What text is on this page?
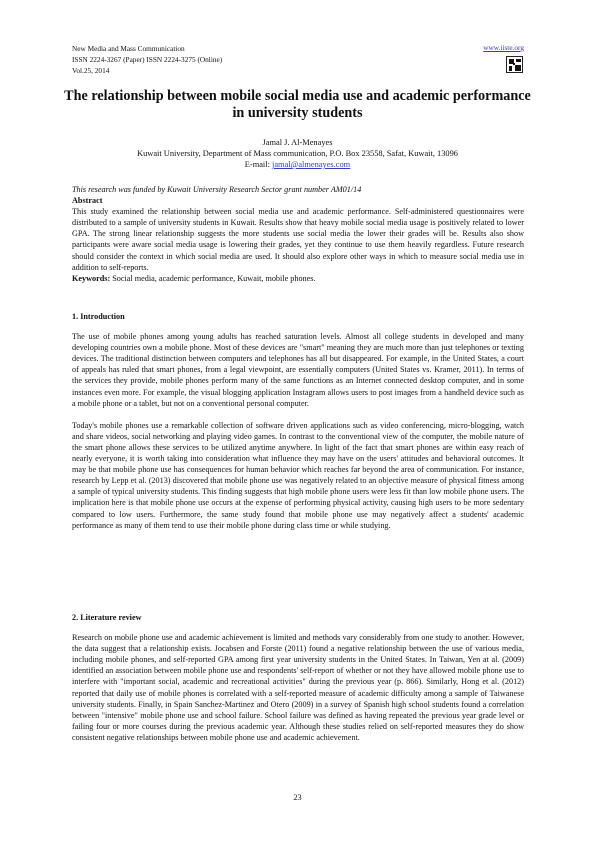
New Media and Mass Communication
ISSN 2224-3267 (Paper) ISSN 2224-3275 (Online)
Vol.25, 2014
www.iiste.org
The relationship between mobile social media use and academic performance in university students
Jamal J. Al-Menayes
Kuwait University, Department of Mass communication, P.O. Box 23558, Safat, Kuwait, 13096
E-mail: jamal@almenayes.com

This research was funded by Kuwait University Research Sector grant number AM01/14

Abstract

This study examined the relationship between social media use and academic performance. Self-administered questionnaires were distributed to a sample of university students in Kuwait. Results show that heavy mobile social media usage is positively related to lower GPA. The strong linear relationship suggests the more students use social media the lower their grades will be. Results also show participants were aware social media usage is lowering their grades, yet they continue to use them heavily regardless. Future research should consider the context in which social media are used. It should also explore other ways in which to measure social media use in addition to self-reports.

Keywords: Social media, academic performance, Kuwait, mobile phones.

1. Introduction

The use of mobile phones among young adults has reached saturation levels. Almost all college students in developed and many developing countries own a mobile phone. Most of these devices are "smart" meaning they are much more than just telephones or texting devices. The traditional distinction between computers and telephones has all but disappeared. For example, in the United States, a court of appeals has ruled that smart phones, from a legal viewpoint, are essentially computers (United States vs. Kramer, 2011). In terms of the services they provide, mobile phones perform many of the same functions as an Internet connected desktop computer, and in some instances even more. For example, the visual blogging application Instagram allows users to post images from a handheld device such as a mobile phone or a tablet, but not on a conventional personal computer.

Today's mobile phones use a remarkable collection of software driven applications such as video conferencing, micro-blogging, watch and share videos, social networking and playing video games. In contrast to the conventional view of the computer, the mobile nature of the smart phone allows these services to be utilized anytime anywhere. In light of the fact that smart phones are within easy reach of nearly everyone, it is worth taking into consideration what influence they may have on the users' attitudes and behavioral outcomes. It may be that mobile phone use has consequences for human behavior which reaches far beyond the area of communication. For instance, research by Lepp et al. (2013) discovered that mobile phone use was negatively related to an objective measure of physical fitness among a sample of typical university students. This finding suggests that high mobile phone users were less fit than low mobile phone users. The implication here is that mobile phone use occurs at the expense of performing physical activity, causing high users to be more sedentary compared to low users. Furthermore, the same study found that mobile phone use may negatively affect a students' academic performance as many of them tend to use their mobile phone during class time or while studying.

2. Literature review

Research on mobile phone use and academic achievement is limited and methods vary considerably from one study to another. However, the data suggest that a relationship exists. Jocabsen and Forste (2011) found a negative relationship between the use of various media, including mobile phones, and self-reported GPA among first year university students in the United States. In Taiwan, Yen at al. (2009) identified an association between mobile phone use and respondents' self-report of whether or not they have allowed mobile phone use to interfere with "important social, academic and recreational activities" during the previous year (p. 866). Similarly, Hong et al. (2012) reported that daily use of mobile phones is correlated with a self-reported measure of academic difficulty among a sample of Taiwanese university students. Finally, in Spain Sanchez-Martinez and Otero (2009) in a survey of Spanish high school students found a correlation between "intensive" mobile phone use and school failure. School failure was defined as having repeated the previous year grade level or failing four or more courses during the previous academic year. Although these studies relied on self-reported measures they do show consistent negative relationships between mobile phone use and academic achievement.

23
